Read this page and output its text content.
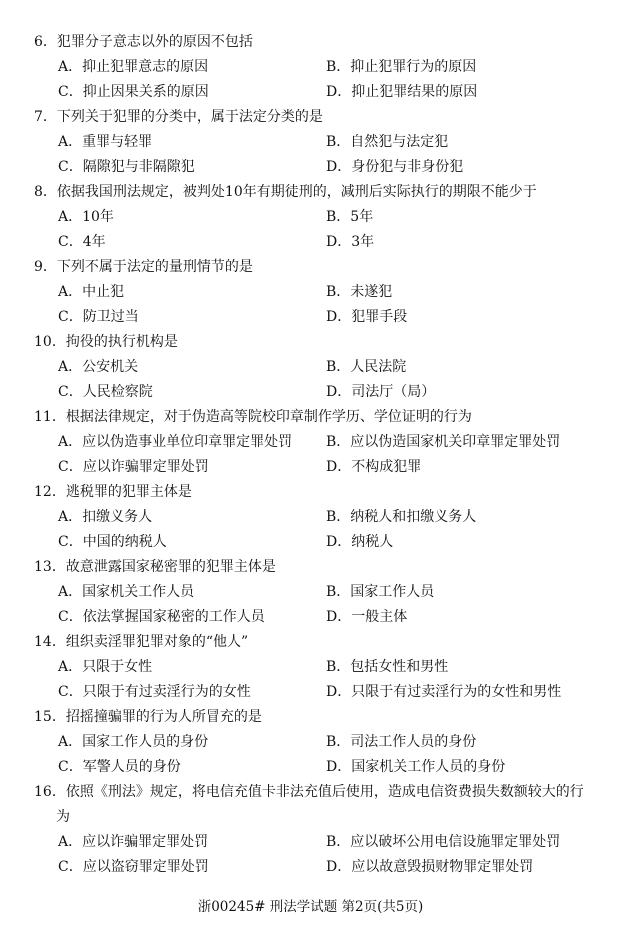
6．犯罪分子意志以外的原因不包括
A．抑止犯罪意志的原因	B．抑止犯罪行为的原因
C．抑止因果关系的原因	D．抑止犯罪结果的原因
7．下列关于犯罪的分类中，属于法定分类的是
A．重罪与轻罪	B．自然犯与法定犯
C．隔隙犯与非隔隙犯	D．身份犯与非身份犯
8．依据我国刑法规定，被判处10年有期徒刑的，减刑后实际执行的期限不能少于
A．10年	B．5年
C．4年	D．3年
9．下列不属于法定的量刑情节的是
A．中止犯	B．未遂犯
C．防卫过当	D．犯罪手段
10．拘役的执行机构是
A．公安机关	B．人民法院
C．人民检察院	D．司法厅（局）
11．根据法律规定，对于伪造高等院校印章制作学历、学位证明的行为
A．应以伪造事业单位印章罪定罪处罚 B．应以伪造国家机关印章罪定罪处罚
C．应以诈骗罪定罪处罚	D．不构成犯罪
12．逃税罪的犯罪主体是
A．扣缴义务人	B．纳税人和扣缴义务人
C．中国的纳税人	D．纳税人
13．故意泄露国家秘密罪的犯罪主体是
A．国家机关工作人员	B．国家工作人员
C．依法掌握国家秘密的工作人员	D．一般主体
14．组织卖淫罪犯罪对象的“他人”
A．只限于女性	B．包括女性和男性
C．只限于有过卖淫行为的女性	D．只限于有过卖淫行为的女性和男性
15．招摇撞骗罪的行为人所冒充的是
A．国家工作人员的身份	B．司法工作人员的身份
C．军警人员的身份	D．国家机关工作人员的身份
16．依照《刑法》规定，将电信充值卡非法充值后使用，造成电信资费损失数额较大的行为
A．应以诈骗罪定罪处罚	B．应以破坏公用电信设施罪定罪处罚
C．应以盗窃罪定罪处罚	D．应以故意毁损财物罪定罪处罚
浙00245# 刑法学试题 第2页(共5页)
